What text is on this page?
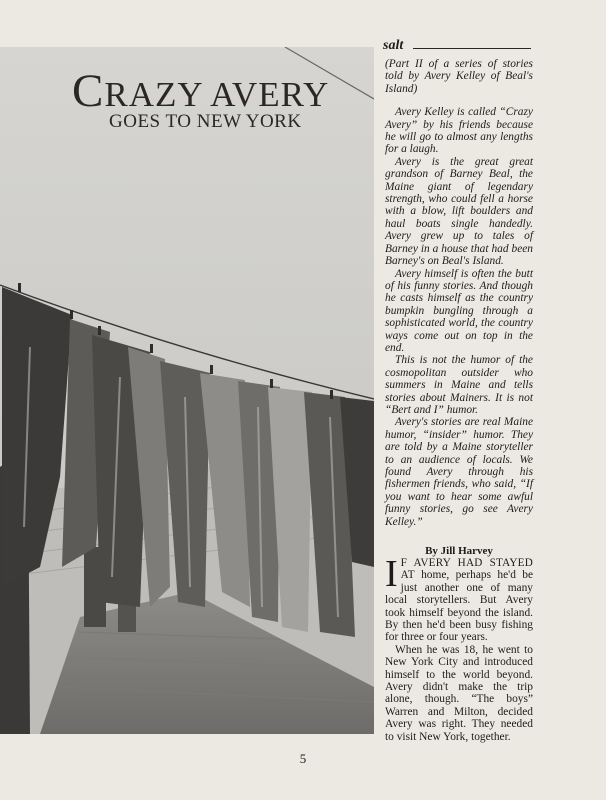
CRAZY AVERY
GOES TO NEW YORK
salt

(Part II of a series of stories told by Avery Kelley of Beal's Island)

Avery Kelley is called “Crazy Avery” by his friends because he will go to almost any lengths for a laugh.

Avery is the great great grandson of Barney Beal, the Maine giant of legendary strength, who could fell a horse with a blow, lift boulders and haul boats single handedly. Avery grew up to tales of Barney in a house that had been Barney's on Beal's Island.

Avery himself is often the butt of his funny stories. And though he casts himself as the country bumpkin bungling through a sophisticated world, the country ways come out on top in the end.

This is not the humor of the cosmopolitan outsider who summers in Maine and tells stories about Mainers. It is not “Bert and I” humor.

Avery's stories are real Maine humor, “insider” humor. They are told by a Maine storyteller to an audience of locals. We found Avery through his fishermen friends, who said, “If you want to hear some awful funny stories, go see Avery Kelley.”

By Jill Harvey

I F AVERY HAD STAYED AT home, perhaps he'd be just another one of many local storytellers. But Avery took himself beyond the island. By then he'd been busy fishing for three or four years.

When he was 18, he went to New York City and introduced himself to the world beyond. Avery didn't make the trip alone, though. “The boys” Warren and Milton, decided Avery was right. They needed to visit New York, together.

5
